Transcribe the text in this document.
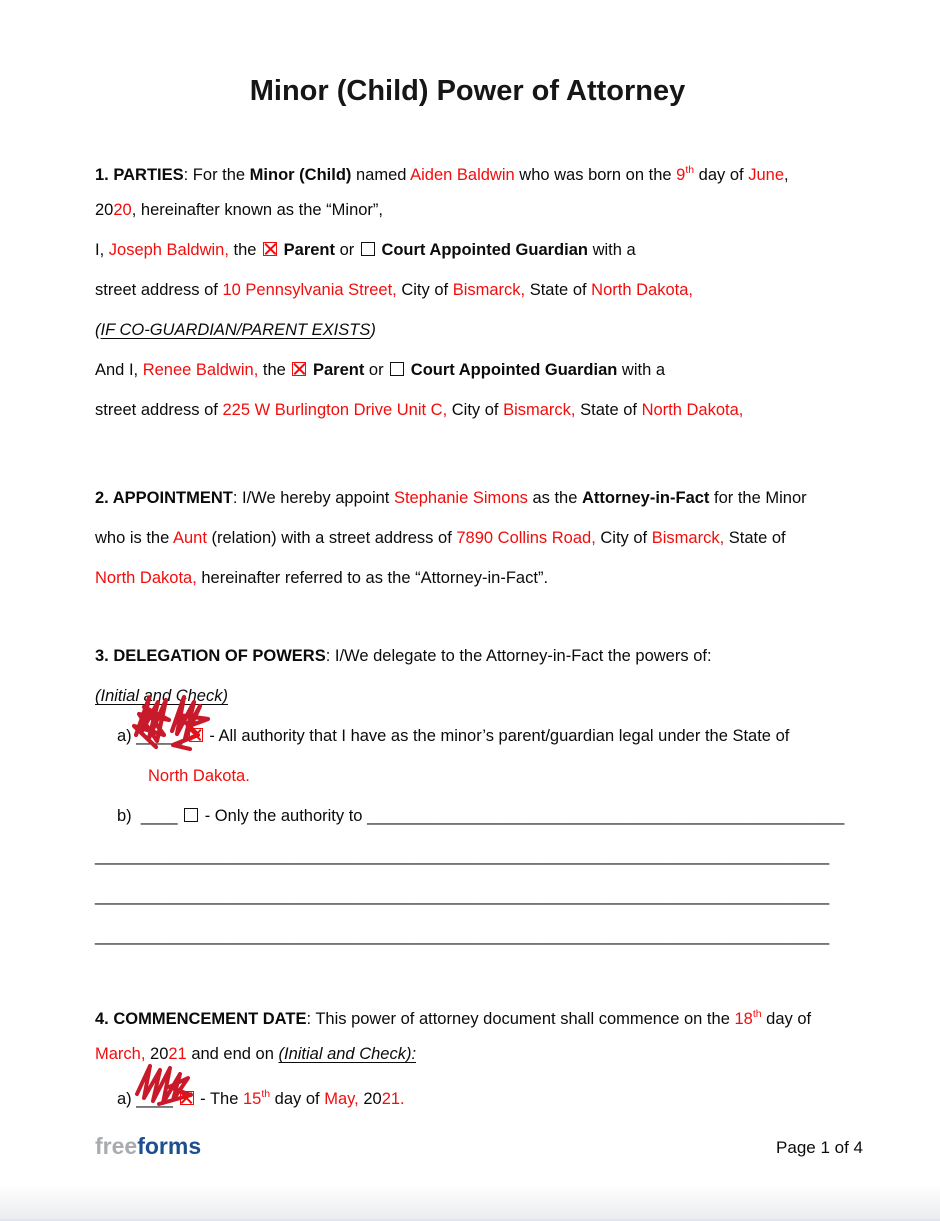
Minor (Child) Power of Attorney
1. PARTIES: For the Minor (Child) named Aiden Baldwin who was born on the 9th day of June,
2020, hereinafter known as the “Minor”,
I, Joseph Baldwin, the  Parent or  Court Appointed Guardian with a
street address of 10 Pennsylvania Street, City of Bismarck, State of North Dakota,
(IF CO-GUARDIAN/PARENT EXISTS)
And I, Renee Baldwin, the  Parent or  Court Appointed Guardian with a
street address of 225 W Burlington Drive Unit C, City of Bismarck, State of North Dakota,
2. APPOINTMENT: I/We hereby appoint Stephanie Simons as the Attorney-in-Fact for the Minor
who is the Aunt (relation) with a street address of 7890 Collins Road, City of Bismarck, State of
North Dakota, hereinafter referred to as the “Attorney-in-Fact”.
3. DELEGATION OF POWERS: I/We delegate to the Attorney-in-Fact the powers of:
(Initial and Check)
a) _____
- All authority that I have as the minor’s parent/guardian legal under the State of
North Dakota.
b)  ____  - Only the authority to ____________________________________________________
________________________________________________________________________________
________________________________________________________________________________
________________________________________________________________________________
4. COMMENCEMENT DATE: This power of attorney document shall commence on the 18th day of
March, 2021 and end on (Initial and Check):
a) ____
- The 15th day of May, 2021.
freeforms	Page 1 of 4
